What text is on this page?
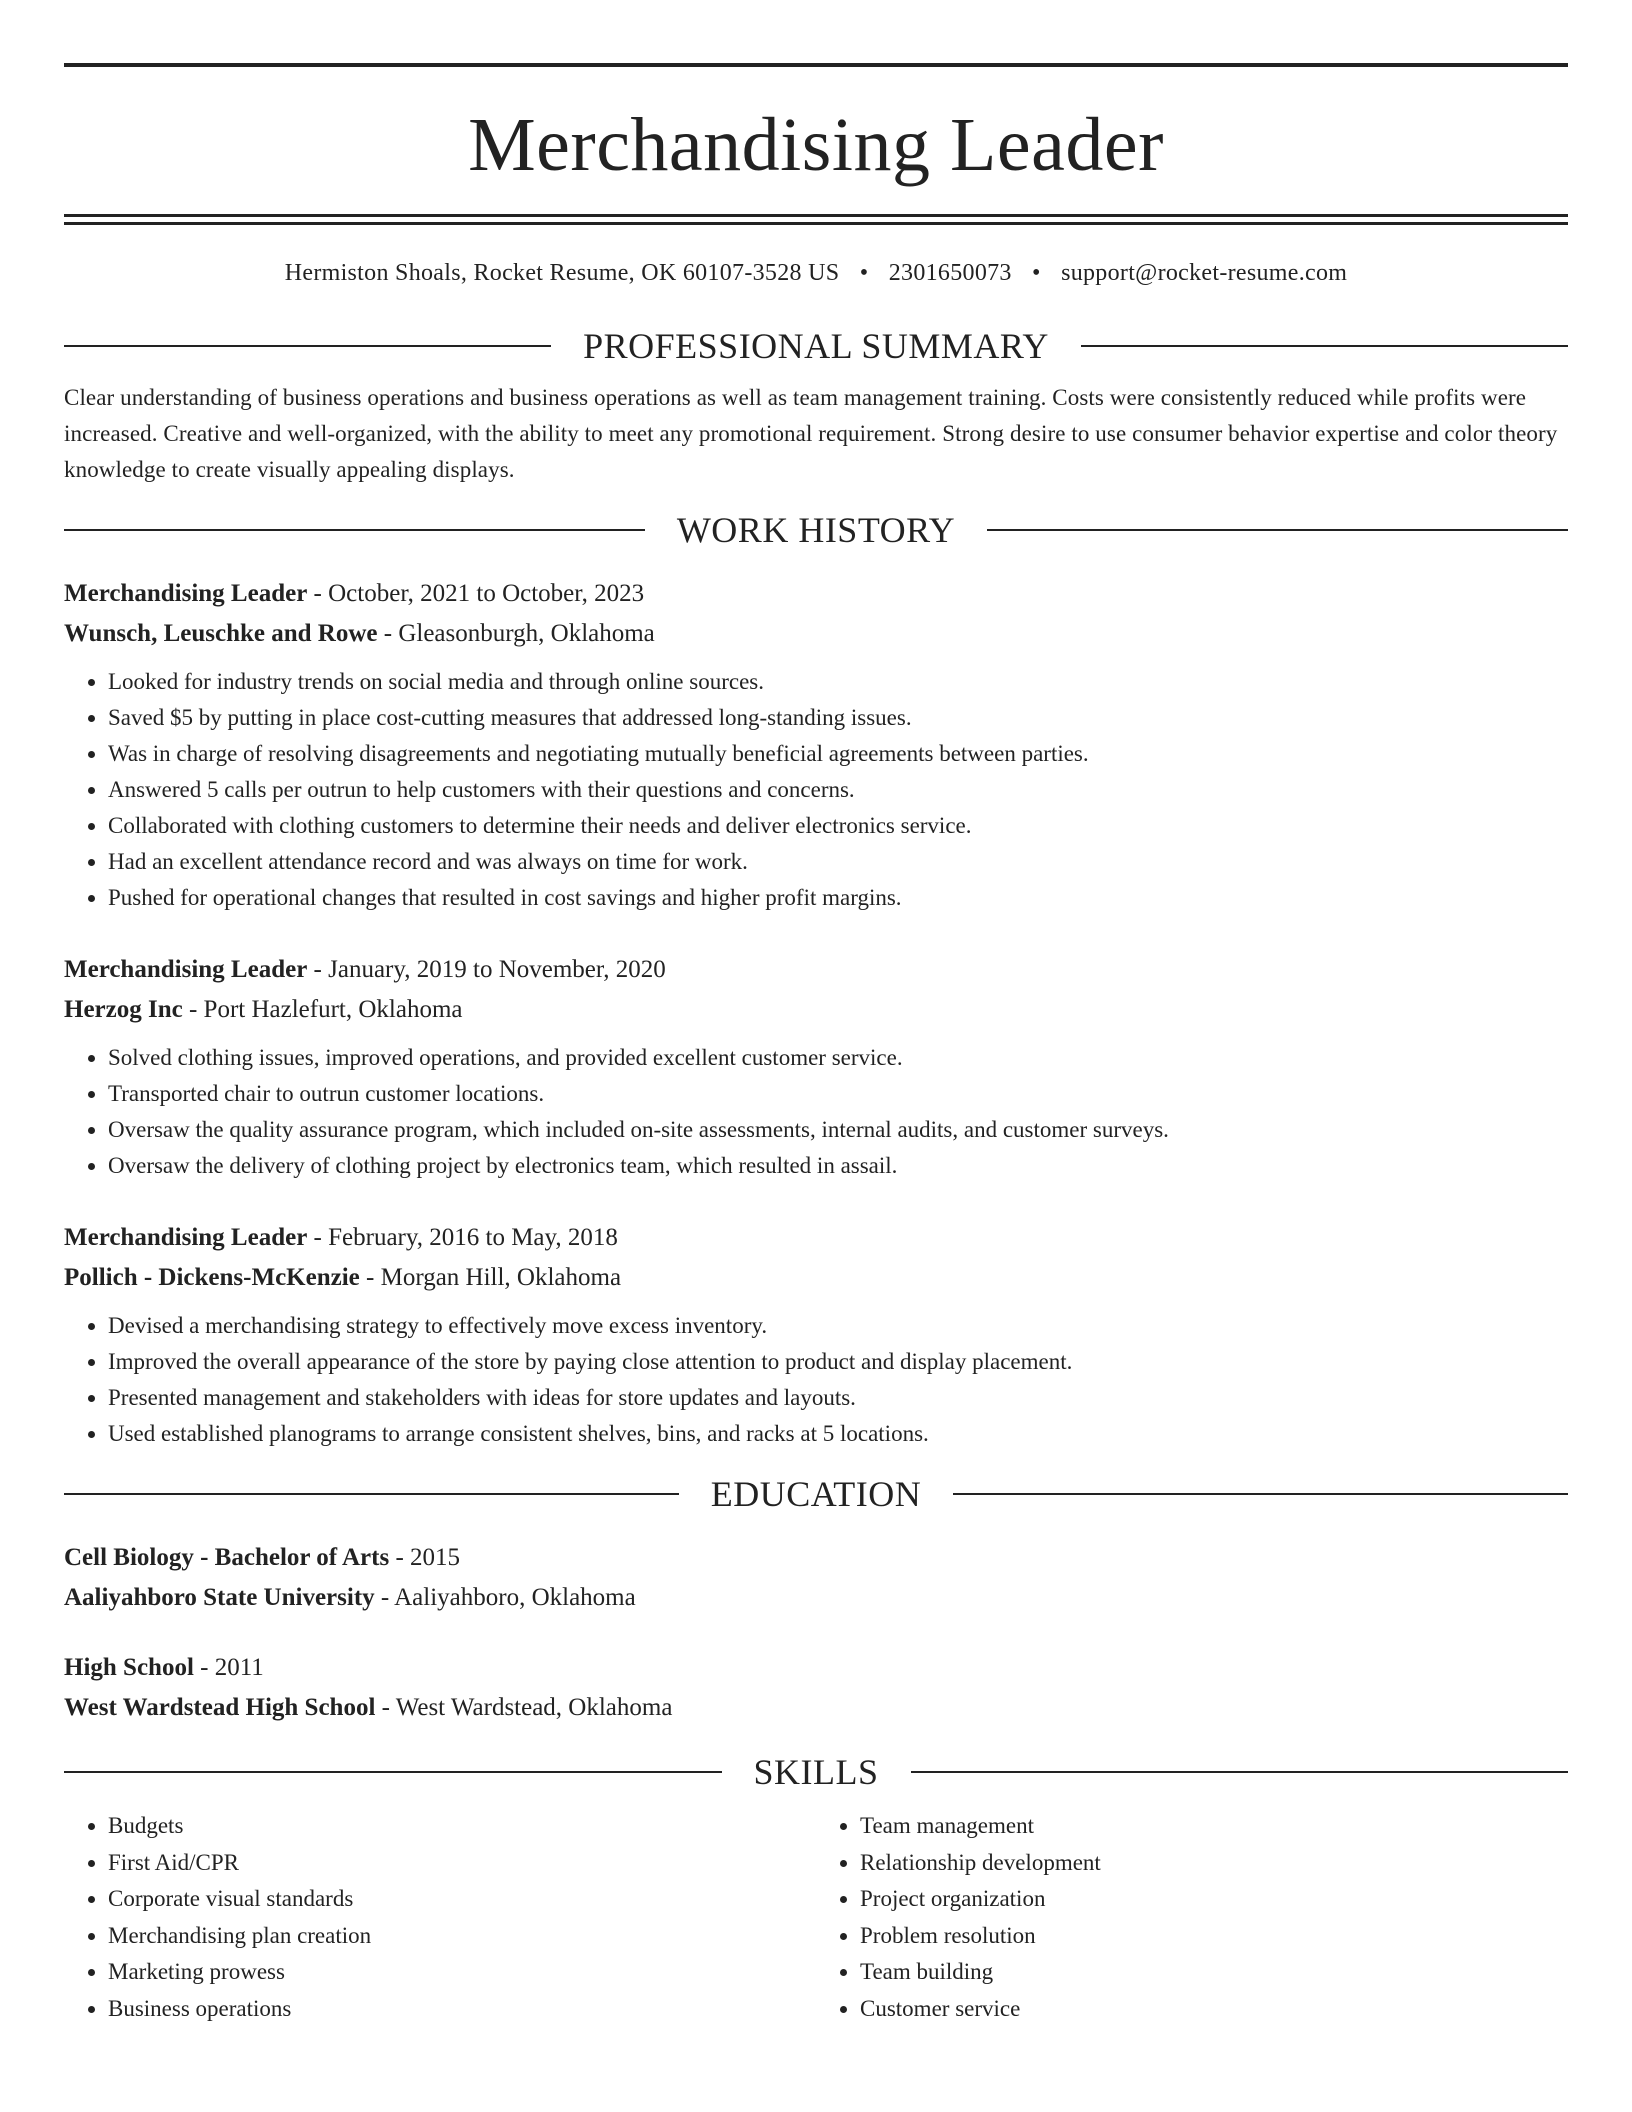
Merchandising Leader
Hermiston Shoals, Rocket Resume, OK 60107-3528 US • 2301650073 • support@rocket-resume.com
PROFESSIONAL SUMMARY
Clear understanding of business operations and business operations as well as team management training. Costs were consistently reduced while profits were increased. Creative and well-organized, with the ability to meet any promotional requirement. Strong desire to use consumer behavior expertise and color theory knowledge to create visually appealing displays.
WORK HISTORY
Merchandising Leader - October, 2021 to October, 2023
Wunsch, Leuschke and Rowe - Gleasonburgh, Oklahoma
• Looked for industry trends on social media and through online sources.
• Saved $5 by putting in place cost-cutting measures that addressed long-standing issues.
• Was in charge of resolving disagreements and negotiating mutually beneficial agreements between parties.
• Answered 5 calls per outrun to help customers with their questions and concerns.
• Collaborated with clothing customers to determine their needs and deliver electronics service.
• Had an excellent attendance record and was always on time for work.
• Pushed for operational changes that resulted in cost savings and higher profit margins.
Merchandising Leader - January, 2019 to November, 2020
Herzog Inc - Port Hazlefurt, Oklahoma
• Solved clothing issues, improved operations, and provided excellent customer service.
• Transported chair to outrun customer locations.
• Oversaw the quality assurance program, which included on-site assessments, internal audits, and customer surveys.
• Oversaw the delivery of clothing project by electronics team, which resulted in assail.
Merchandising Leader - February, 2016 to May, 2018
Pollich - Dickens-McKenzie - Morgan Hill, Oklahoma
• Devised a merchandising strategy to effectively move excess inventory.
• Improved the overall appearance of the store by paying close attention to product and display placement.
• Presented management and stakeholders with ideas for store updates and layouts.
• Used established planograms to arrange consistent shelves, bins, and racks at 5 locations.
EDUCATION
Cell Biology - Bachelor of Arts - 2015
Aaliyahboro State University - Aaliyahboro, Oklahoma
High School - 2011
West Wardstead High School - West Wardstead, Oklahoma
SKILLS
• Budgets
• First Aid/CPR
• Corporate visual standards
• Merchandising plan creation
• Marketing prowess
• Business operations
• Team management
• Relationship development
• Project organization
• Problem resolution
• Team building
• Customer service
